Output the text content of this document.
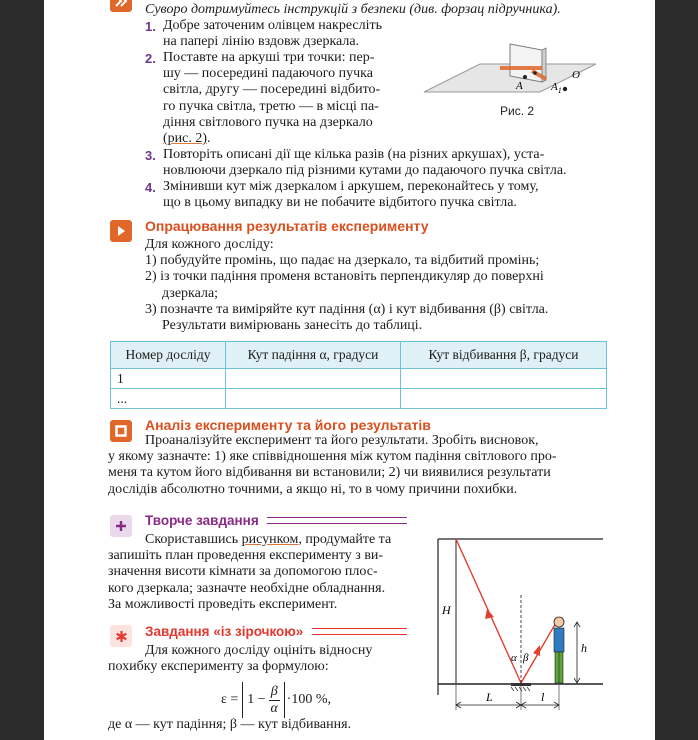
Суворо дотримуйтесь інструкцій з безпеки (див. форзац підручника).
1. Добре заточеним олівцем накресліть
на папері лінію вздовж дзеркала.
2. Поставте на аркуші три точки: пер-
шу — посередині падаючого пучка
світла, другу — посередині відбито-
го пучка світла, третю — в місці па-
діння світлового пучка на дзеркало
(рис. 2).
A	$A_1$
O
Рис. 2
3. Повторіть описані дії ще кілька разів (на різних аркушах), уста-
новлюючи дзеркало під різними кутами до падаючого пучка світла.
4. Змінивши кут між дзеркалом і аркушем, переконайтесь у тому,
що в цьому випадку ви не побачите відбитого пучка світла.
Опрацювання результатів експерименту
Для кожного досліду:
1) побудуйте промінь, що падає на дзеркало, та відбитий промінь;
2) із точки падіння променя встановіть перпендикуляр до поверхні
дзеркала;
3) позначте та виміряйте кут падіння (α) і кут відбивання (β) світла.
Результати вимірювань занесіть до таблиці.
Номер досліду	Кут падіння α, градуси	Кут відбивання β, градуси
1		
...		
Аналіз експерименту та його результатів
Проаналізуйте експеримент та його результати. Зробіть висновок,
у якому зазначте: 1) яке співвідношення між кутом падіння світлового про-
меня та кутом його відбивання ви встановили; 2) чи виявилися результати
дослідів абсолютно точними, а якщо ні, то в чому причини похибки.
Творче завдання
Скориставшись рисунком, продумайте та
запишіть план проведення експерименту з ви-
значення висоти кімнати за допомогою плос-
кого дзеркала; зазначте необхідне обладнання.
За можливості проведіть експеримент.
Завдання «із зірочкою»
Для кожного досліду оцініть відносну
похибку експерименту за формулою:
$\varepsilon = 1 - \frac{\beta}{\alpha} \cdot 100$ %,
де α — кут падіння; β — кут відбивання.
H
h
L	l
α β
